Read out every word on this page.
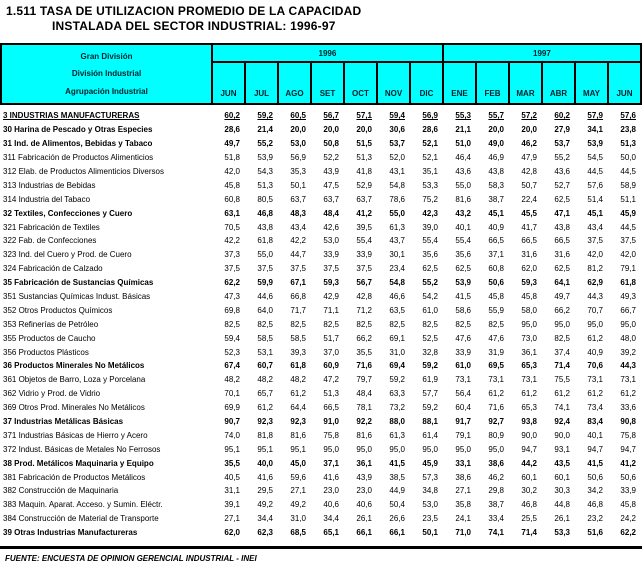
1.511 TASA DE UTILIZACION PROMEDIO DE LA CAPACIDAD
INSTALADA DEL SECTOR INDUSTRIAL: 1996-97
Gran División
División Industrial
Agrupación Industrial
1996	1997
JUN	JUL	AGO	SET	OCT	NOV	DIC	ENE	FEB	MAR	ABR	MAY	JUN
3 INDUSTRIAS MANUFACTURERAS	60,2	59,2	60,5	56,7	57,1	59,4	56,9	55,3	55,7	57,2	60,2	57,9	57,6
30 Harina de Pescado y Otras Especies	28,6	21,4	20,0	20,0	20,0	30,6	28,6	21,1	20,0	20,0	27,9	34,1	23,8
31 Ind. de Alimentos, Bebidas y Tabaco	49,7	55,2	53,0	50,8	51,5	53,7	52,1	51,0	49,0	46,2	53,7	53,9	51,3
311 Fabricación de Productos Alimenticios	51,8	53,9	56,9	52,2	51,3	52,0	52,1	46,4	46,9	47,9	55,2	54,5	50,0
312 Elab. de Productos Alimenticios Diversos	42,0	54,3	35,3	43,9	41,8	43,1	35,1	43,6	43,8	42,8	43,6	44,5	44,5
313 Industrias de Bebidas	45,8	51,3	50,1	47,5	52,9	54,8	53,3	55,0	58,3	50,7	52,7	57,6	58,9
314 Industria del Tabaco	60,8	80,5	63,7	63,7	63,7	78,6	75,2	81,6	38,7	22,4	62,5	51,4	51,1
32 Textiles, Confecciones y Cuero	63,1	46,8	48,3	48,4	41,2	55,0	42,3	43,2	45,1	45,5	47,1	45,1	45,9
321 Fabricación de Textiles	70,5	43,8	43,4	42,6	39,5	61,3	39,0	40,1	40,9	41,7	43,8	43,4	44,5
322 Fab. de Confecciones	42,2	61,8	42,2	53,0	55,4	43,7	55,4	55,4	66,5	66,5	66,5	37,5	37,5
323 Ind. del Cuero y Prod. de Cuero	37,3	55,0	44,7	33,9	33,9	30,1	35,6	35,6	37,1	31,6	31,6	42,0	42,0
324 Fabricación de Calzado	37,5	37,5	37,5	37,5	37,5	23,4	62,5	62,5	60,8	62,0	62,5	81,2	79,1
35 Fabricación de Sustancias Químicas	62,2	59,9	67,1	59,3	56,7	54,8	55,2	53,9	50,6	59,3	64,1	62,9	61,8
351 Sustancias Químicas Indust. Básicas	47,3	44,6	66,8	42,9	42,8	46,6	54,2	41,5	45,8	45,8	49,7	44,3	49,3
352 Otros Productos Químicos	69,8	64,0	71,7	71,1	71,2	63,5	61,0	58,6	55,9	58,0	66,2	70,7	66,7
353 Refinerías de Petróleo	82,5	82,5	82,5	82,5	82,5	82,5	82,5	82,5	82,5	95,0	95,0	95,0	95,0
355 Productos de Caucho	59,4	58,5	58,5	51,7	66,2	69,1	52,5	47,6	47,6	73,0	82,5	61,2	48,0
356 Productos Plásticos	52,3	53,1	39,3	37,0	35,5	31,0	32,8	33,9	31,9	36,1	37,4	40,9	39,2
36 Productos Minerales No Metálicos	67,4	60,7	61,8	60,9	71,6	69,4	59,2	61,0	69,5	65,3	71,4	70,6	44,3
361 Objetos de Barro, Loza y Porcelana	48,2	48,2	48,2	47,2	79,7	59,2	61,9	73,1	73,1	73,1	75,5	73,1	73,1
362 Vidrio y Prod. de Vidrio	70,1	65,7	61,2	51,3	48,4	63,3	57,7	56,4	61,2	61,2	61,2	61,2	61,2
369 Otros Prod. Minerales No Metálicos	69,9	61,2	64,4	66,5	78,1	73,2	59,2	60,4	71,6	65,3	74,1	73,4	33,6
37 Industrias Metálicas Básicas	90,7	92,3	92,3	91,0	92,2	88,0	88,1	91,7	92,7	93,8	92,4	83,4	90,8
371 Industrias Básicas de Hierro y Acero	74,0	81,8	81,6	75,8	81,6	61,3	61,4	79,1	80,9	90,0	90,0	40,1	75,8
372 Indust. Básicas de Metales No Ferrosos	95,1	95,1	95,1	95,0	95,0	95,0	95,0	95,0	95,0	94,7	93,1	94,7	94,7
38 Prod. Metálicos Maquinaria y Equipo	35,5	40,0	45,0	37,1	36,1	41,5	45,9	33,1	38,6	44,2	43,5	41,5	41,2
381 Fabricación de Productos Metálicos	40,5	41,6	59,6	41,6	43,9	38,5	57,3	38,6	46,2	60,1	60,1	50,6	50,6
382 Construcción de Maquinaria	31,1	29,5	27,1	23,0	23,0	44,9	34,8	27,1	29,8	30,2	30,3	34,2	33,9
383 Maquin. Aparat. Acceso. y Sumin. Eléctr.	39,1	49,2	49,2	40,6	40,6	50,4	53,0	35,8	38,7	46,8	44,8	46,8	45,8
384 Construcción de Material de Transporte	27,1	34,4	31,0	34,4	26,1	26,6	23,5	24,1	33,4	25,5	26,1	23,2	24,2
39 Otras Industrias Manufactureras	62,0	62,3	68,5	65,1	66,1	66,1	50,1	71,0	74,1	71,4	53,3	51,6	62,2
FUENTE: ENCUESTA DE OPINION GERENCIAL INDUSTRIAL - INEI
